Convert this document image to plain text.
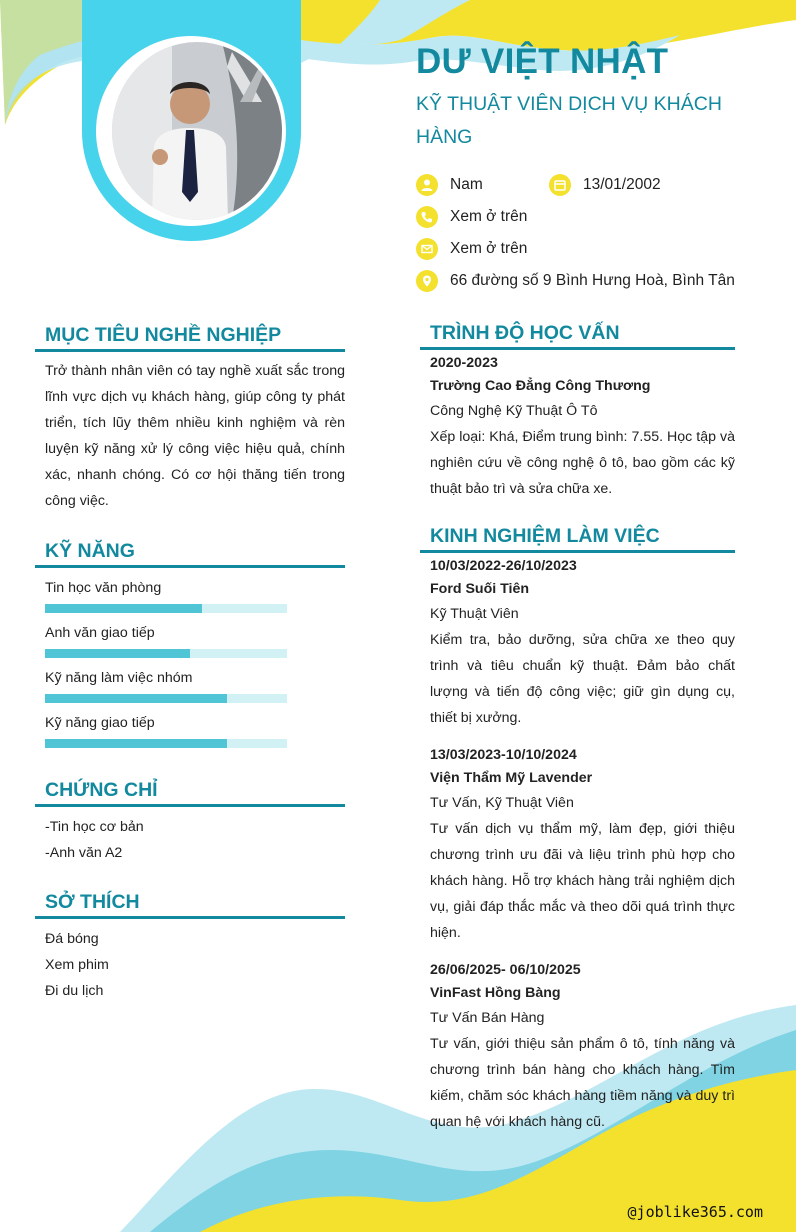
DƯ VIỆT NHẬT
KỸ THUẬT VIÊN DỊCH VỤ KHÁCH HÀNG
Nam	13/01/2002
Xem ở trên
Xem ở trên
66 đường số 9 Bình Hưng Hoà, Bình Tân
MỤC TIÊU NGHỀ NGHIỆP
Trở thành nhân viên có tay nghề xuất sắc trong lĩnh vực dịch vụ khách hàng, giúp công ty phát triển, tích lũy thêm nhiều kinh nghiệm và rèn luyện kỹ năng xử lý công việc hiệu quả, chính xác, nhanh chóng. Có cơ hội thăng tiến trong công việc.
KỸ NĂNG
Tin học văn phòng
Anh văn giao tiếp
Kỹ năng làm việc nhóm
Kỹ năng giao tiếp
CHỨNG CHỈ
-Tin học cơ bản
-Anh văn A2
SỞ THÍCH
Đá bóng
Xem phim
Đi du lịch
TRÌNH ĐỘ HỌC VẤN
2020-2023
Trường Cao Đẳng Công Thương
Công Nghệ Kỹ Thuật Ô Tô
Xếp loại: Khá, Điểm trung bình: 7.55. Học tập và nghiên cứu về công nghệ ô tô, bao gồm các kỹ thuật bảo trì và sửa chữa xe.
KINH NGHIỆM LÀM VIỆC
10/03/2022-26/10/2023
Ford Suối Tiên
Kỹ Thuật Viên
Kiểm tra, bảo dưỡng, sửa chữa xe theo quy trình và tiêu chuẩn kỹ thuật. Đảm bảo chất lượng và tiến độ công việc; giữ gìn dụng cụ, thiết bị xưởng.
13/03/2023-10/10/2024
Viện Thẩm Mỹ Lavender
Tư Vấn, Kỹ Thuật Viên
Tư vấn dịch vụ thẩm mỹ, làm đẹp, giới thiệu chương trình ưu đãi và liệu trình phù hợp cho khách hàng. Hỗ trợ khách hàng trải nghiệm dịch vụ, giải đáp thắc mắc và theo dõi quá trình thực hiện.
26/06/2025- 06/10/2025
VinFast Hồng Bàng
Tư Vấn Bán Hàng
Tư vấn, giới thiệu sản phẩm ô tô, tính năng và chương trình bán hàng cho khách hàng. Tìm kiếm, chăm sóc khách hàng tiềm năng và duy trì quan hệ với khách hàng cũ.
@joblike365.com
